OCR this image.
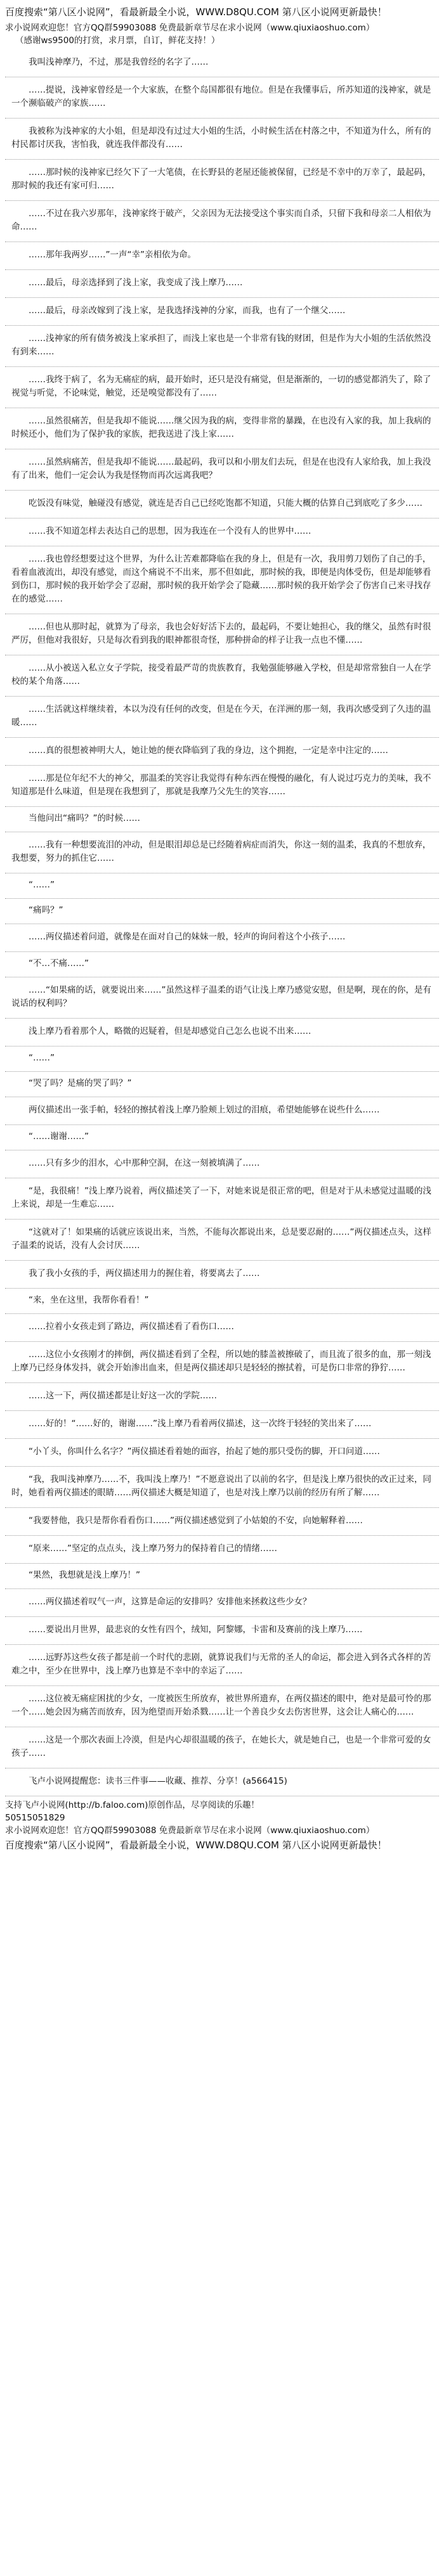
百度搜索“第八区小说网”，看最新最全小说，WWW.D8QU.COM 第八区小说网更新最快！
求小说网欢迎您！官方QQ群59903088 免费最新章节尽在求小说网（www.qiuxiaoshuo.com）
（感谢ws9500的打赏，求月票，自订，鲜花支持！）
我叫浅神摩乃，不过，那是我曾经的名字了……
……提说，浅神家曾经是一个大家族，在整个岛国都很有地位。但是在我懂事后，所苏知道的浅神家，就是一个濒临破产的家族……
我被称为浅神家的大小姐，但是却没有过过大小姐的生活，小时候生活在村落之中，不知道为什么，所有的村民都讨厌我，害怕我，就连我伴都没有……
……那时候的浅神家已经欠下了一大笔债，在长野县的老屋还能被保留，已经是不幸中的万幸了，最起码，那时候的我还有家可归……
……不过在我六岁那年，浅神家终于破产，父亲因为无法接受这个事实而自杀，只留下我和母亲二人相依为命……
……那年我两岁……”一声“幸”亲相依为命。
……最后，母亲选择到了浅上家，我变成了浅上摩乃……
……最后，母亲改嫁到了浅上家，是我选择浅神的分家，而我，也有了一个继父……
……浅神家的所有债务被浅上家承担了，而浅上家也是一个非常有钱的财团，但是作为大小姐的生活依然没有到来……
……我终于病了，名为无痛症的病，最开始时，还只是没有痛觉，但是渐渐的，一切的感觉都消失了，除了视觉与听觉，不论味觉，触觉，还是嗅觉都没有了……
……虽然很痛苦，但是我却不能说……继父因为我的病，变得非常的暴躁，在也没有入家的我，加上我病的时候还小，他们为了保护我的家族，把我送进了浅上家……
……虽然病痛苦，但是我却不能说……最起码，我可以和小朋友们去玩，但是在也没有人家给我，加上我没有了出来，他们一定会认为我是怪物而再次远离我吧？
吃饭没有味觉，触碰没有感觉，就连是否自己已经吃饱都不知道，只能大概的估算自己到底吃了多少……
……我不知道怎样去表达自己的思想，因为我连在一个没有人的世界中……
……我也曾经想要过这个世界，为什么让苦难都降临在我的身上，但是有一次，我用剪刀划伤了自己的手，看着血液流出，却没有感觉，而这个痛说不不出来，那不但如此，那时候的我，即便是肉体受伤，但是却能够看到伤口，那时候的我开始学会了忍耐，那时候的我开始学会了隐藏……那时候的我开始学会了伤害自己来寻找存在的感觉……
……但也从那时起，就算为了母亲，我也会好好活下去的，最起码，不要让她担心，我的继父，虽然有时很严厉，但他对我很好，只是每次看到我的眼神都很奇怪，那种拼命的样子让我一点也不懂……
……从小被送入私立女子学院，接受着最严苛的贵族教育，我勉强能够融入学校，但是却常常独自一人在学校的某个角落……
……生活就这样继续着，本以为没有任何的改变，但是在今天，在洋洲的那一刻，我再次感受到了久违的温暖……
……真的很想被神明大人，她让她的便衣降临到了我的身边，这个拥抱，一定是幸中注定的……
……那是位年纪不大的神父，那温柔的笑容让我觉得有种东西在慢慢的融化，有人说过巧克力的美味，我不知道那是什么味道，但是现在我想到了，那就是我摩乃父先生的笑容……
当他问出“痛吗？”的时候……
……我有一种想要流泪的冲动，但是眼泪却总是已经随着病症而消失，你这一刻的温柔，我真的不想放弃，我想要，努力的抓住它……
“……”
“痛吗？”
……两仪描述着问道，就像是在面对自己的妹妹一般，轻声的询问着这个小孩子……
“不…不痛……”
……“如果痛的话，就要说出来……”虽然这样子温柔的语气让浅上摩乃感觉安慰，但是啊，现在的你，是有说话的权利吗？
浅上摩乃看着那个人，略微的迟疑着，但是却感觉自己怎么也说不出来……
“……”
“哭了吗？是痛的哭了吗？”
两仪描述出一张手帕，轻轻的擦拭着浅上摩乃脸颊上划过的泪痕，希望她能够在说些什么……
“……谢谢……”
……只有多少的泪水，心中那种空洞，在这一刻被填满了……
“是，我很痛！”浅上摩乃说着，两仪描述笑了一下，对她来说是很正常的吧，但是对于从未感觉过温暖的浅上来说，却是一生难忘……
“这就对了！如果痛的话就应该说出来，当然，不能每次都说出来，总是要忍耐的……”两仪描述点头，这样子温柔的说话，没有人会讨厌……
我了我小女孩的手，两仪描述用力的握住着，将要离去了……
“来，坐在这里，我帮你看看！”
……拉着小女孩走到了路边，两仪描述看了看伤口……
……这位小女孩刚才的摔倒，两仪描述看到了全程，所以她的膝盖被擦破了，而且流了很多的血，那一刻浅上摩乃已经身体发抖，就会开始渗出血来，但是两仪描述却只是轻轻的擦拭着，可是伤口非常的狰狞……
……这一下，两仪描述都是让好这一次的学院……
……好的！“……好的，谢谢……”浅上摩乃看着两仪描述，这一次终于轻轻的笑出来了……
“小丫头，你叫什么名字？”两仪描述看着她的面容，抬起了她的那只受伤的脚，开口问道……
“我，我叫浅神摩乃……不，我叫浅上摩乃！”不愿意说出了以前的名字，但是浅上摩乃很快的改正过来，同时，她看着两仪描述的眼睛……两仪描述大概是知道了，也是对浅上摩乃以前的经历有所了解……
“我要替他，我只是帮你看看伤口……”两仪描述感觉到了小姑娘的不安，向她解释着……
“原来……”坚定的点点头，浅上摩乃努力的保持着自己的情绪……
“果然，我想就是浅上摩乃！”
……两仪描述着叹气一声，这算是命运的安排吗？安排他来拯救这些少女？
……要说出月世界，最悲哀的女性有四个，绒知，阿黎娜，卡雷和及赛前的浅上摩乃……
……远野苏这些女孩子都是前一个时代的悲剧，就算说我们与无常的圣人的命运，都会进入到各式各样的苦难之中，至少在世界中，浅上摩乃也算是不幸中的幸运了……
……这位被无痛症困扰的少女，一度被医生所放弃，被世界所遗弃，在两仪描述的眼中，绝对是最可怜的那一个……她会因为痛苦而放弃，因为绝望而开始杀戮……让一个善良少女去伤害世界，这会让人痛心的……
……这是一个那次表面上冷漠，但是内心却很温暖的孩子，在她长大，就是她自己，也是一个非常可爱的女孩子……
飞卢小说网提醒您：读书三件事——收藏、推荐、分享！(a566415)
支持飞卢小说网(http://b.faloo.com)原创作品，尽享阅读的乐趣！
50515051829
求小说网欢迎您！官方QQ群59903088 免费最新章节尽在求小说网（www.qiuxiaoshuo.com）
百度搜索“第八区小说网”，看最新最全小说，WWW.D8QU.COM 第八区小说网更新最快！
